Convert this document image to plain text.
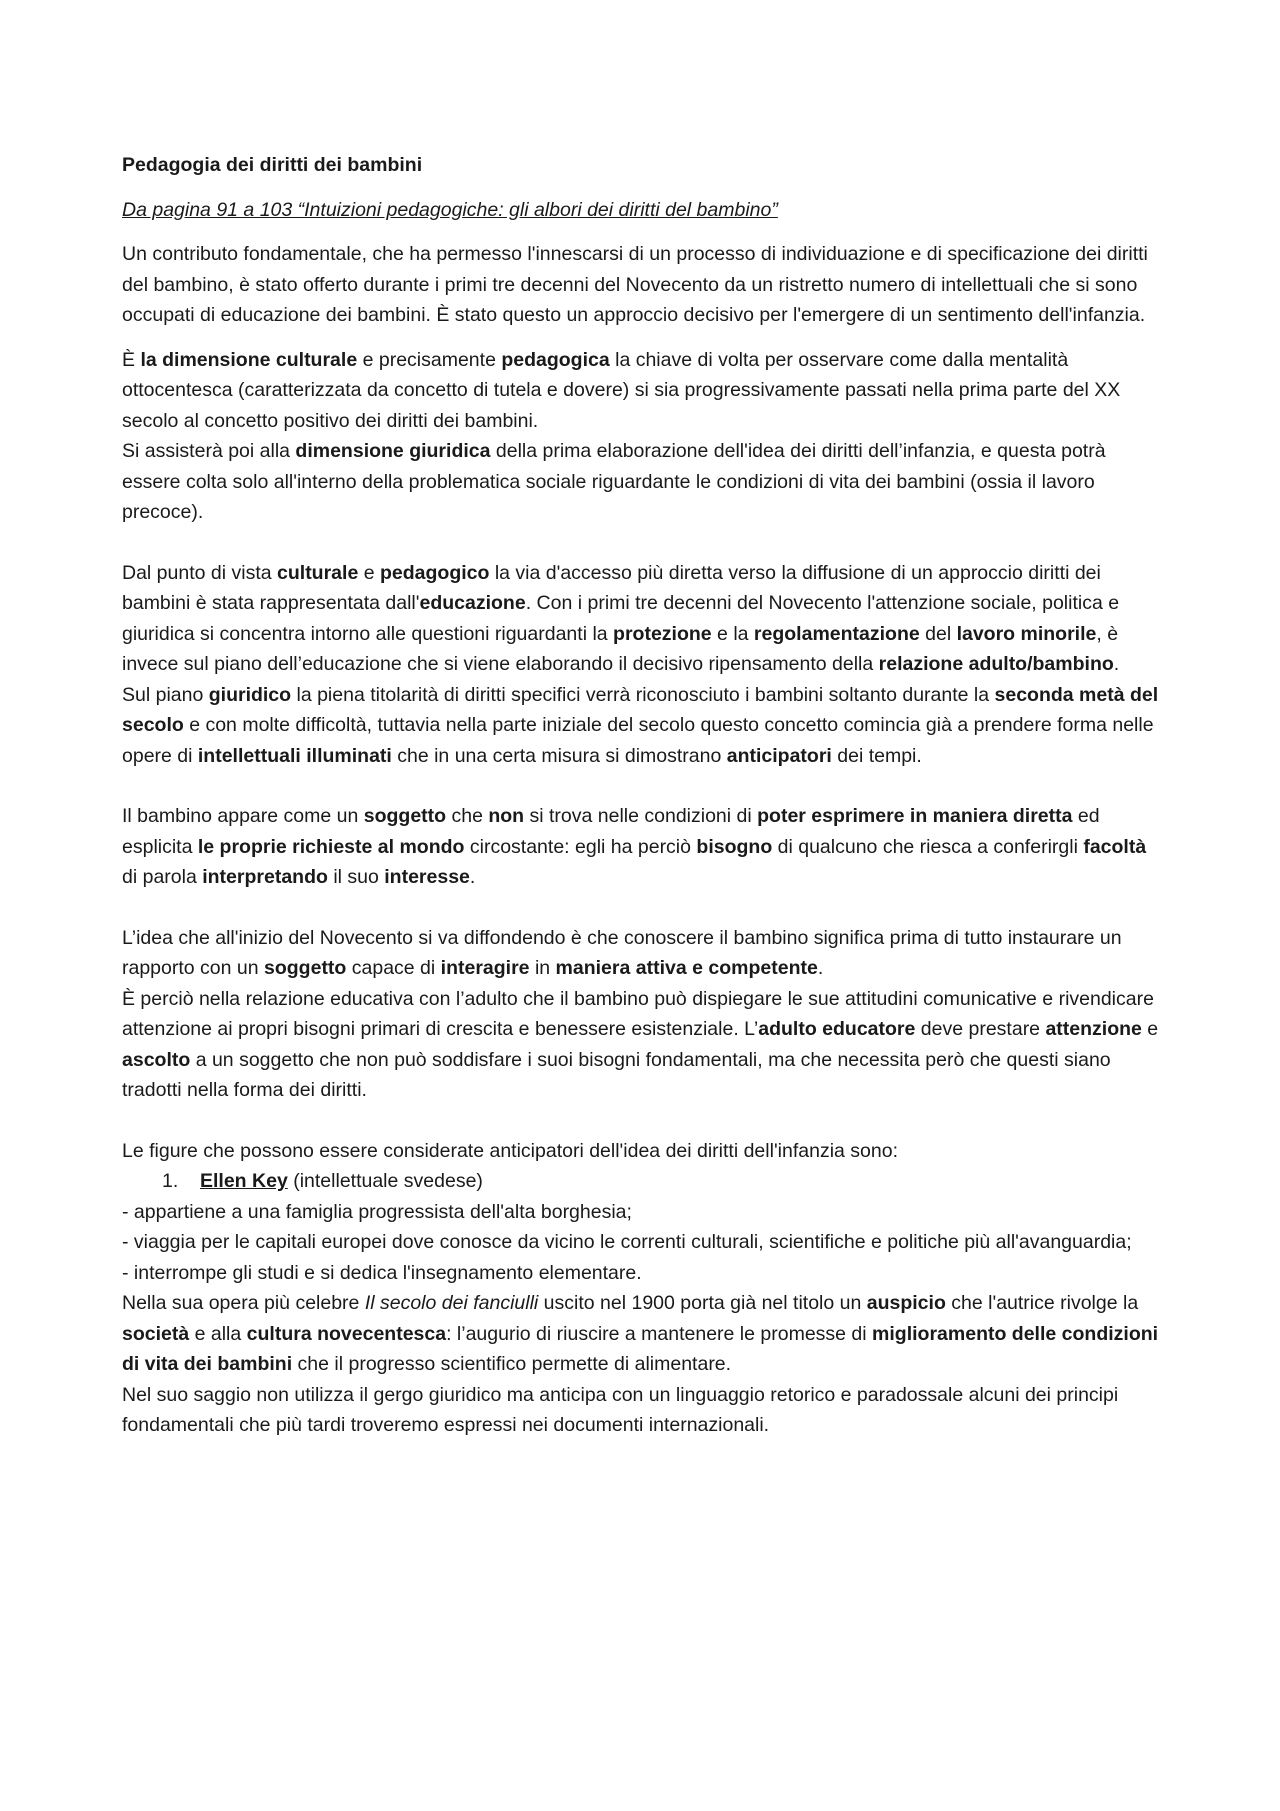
Pedagogia dei diritti dei bambini

Da pagina 91 a 103 “Intuizioni pedagogiche: gli albori dei diritti del bambino”

Un contributo fondamentale, che ha permesso l'innescarsi di un processo di individuazione e di specificazione dei diritti del bambino, è stato offerto durante i primi tre decenni del Novecento da un ristretto numero di intellettuali che si sono occupati di educazione dei bambini. È stato questo un approccio decisivo per l'emergere di un sentimento dell'infanzia.

È la dimensione culturale e precisamente pedagogica la chiave di volta per osservare come dalla mentalità ottocentesca (caratterizzata da concetto di tutela e dovere) si sia progressivamente passati nella prima parte del XX secolo al concetto positivo dei diritti dei bambini.

Si assisterà poi alla dimensione giuridica della prima elaborazione dell'idea dei diritti dell’infanzia, e questa potrà essere colta solo all'interno della problematica sociale riguardante le condizioni di vita dei bambini (ossia il lavoro precoce).

Dal punto di vista culturale e pedagogico la via d'accesso più diretta verso la diffusione di un approccio diritti dei bambini è stata rappresentata dall'educazione. Con i primi tre decenni del Novecento l'attenzione sociale, politica e giuridica si concentra intorno alle questioni riguardanti la protezione e la regolamentazione del lavoro minorile, è invece sul piano dell’educazione che si viene elaborando il decisivo ripensamento della relazione adulto/bambino.

Sul piano giuridico la piena titolarità di diritti specifici verrà riconosciuto i bambini soltanto durante la seconda metà del secolo e con molte difficoltà, tuttavia nella parte iniziale del secolo questo concetto comincia già a prendere forma nelle opere di intellettuali illuminati che in una certa misura si dimostrano anticipatori dei tempi.

Il bambino appare come un soggetto che non si trova nelle condizioni di poter esprimere in maniera diretta ed esplicita le proprie richieste al mondo circostante: egli ha perciò bisogno di qualcuno che riesca a conferirgli facoltà di parola interpretando il suo interesse.

L’idea che all'inizio del Novecento si va diffondendo è che conoscere il bambino significa prima di tutto instaurare un rapporto con un soggetto capace di interagire in maniera attiva e competente.

È perciò nella relazione educativa con l’adulto che il bambino può dispiegare le sue attitudini comunicative e rivendicare attenzione ai propri bisogni primari di crescita e benessere esistenziale. L’adulto educatore deve prestare attenzione e ascolto a un soggetto che non può soddisfare i suoi bisogni fondamentali, ma che necessita però che questi siano tradotti nella forma dei diritti.

Le figure che possono essere considerate anticipatori dell'idea dei diritti dell'infanzia sono:

1. Ellen Key (intellettuale svedese)

- appartiene a una famiglia progressista dell'alta borghesia;

- viaggia per le capitali europei dove conosce da vicino le correnti culturali, scientifiche e politiche più all'avanguardia;

- interrompe gli studi e si dedica l'insegnamento elementare.

Nella sua opera più celebre Il secolo dei fanciulli uscito nel 1900 porta già nel titolo un auspicio che l'autrice rivolge la società e alla cultura novecentesca: l’augurio di riuscire a mantenere le promesse di miglioramento delle condizioni di vita dei bambini che il progresso scientifico permette di alimentare.

Nel suo saggio non utilizza il gergo giuridico ma anticipa con un linguaggio retorico e paradossale alcuni dei principi fondamentali che più tardi troveremo espressi nei documenti internazionali.
